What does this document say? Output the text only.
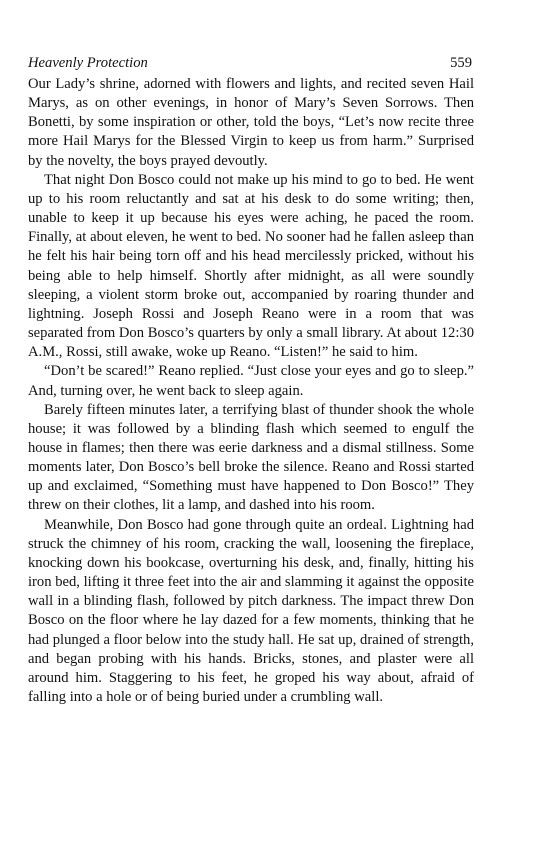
Heavenly Protection	559

Our Lady’s shrine, adorned with flowers and lights, and recited seven Hail Marys, as on other evenings, in honor of Mary’s Seven Sorrows. Then Bonetti, by some inspiration or other, told the boys, “Let’s now recite three more Hail Marys for the Blessed Virgin to keep us from harm.” Surprised by the novelty, the boys prayed devoutly.

That night Don Bosco could not make up his mind to go to bed. He went up to his room reluctantly and sat at his desk to do some writing; then, unable to keep it up because his eyes were aching, he paced the room. Finally, at about eleven, he went to bed. No sooner had he fallen asleep than he felt his hair being torn off and his head mercilessly pricked, without his being able to help himself. Shortly after midnight, as all were soundly sleeping, a violent storm broke out, accompanied by roaring thunder and lightning. Joseph Rossi and Joseph Reano were in a room that was separated from Don Bosco’s quarters by only a small library. At about 12:30 A.M., Rossi, still awake, woke up Reano. “Listen!” he said to him.

“Don’t be scared!” Reano replied. “Just close your eyes and go to sleep.” And, turning over, he went back to sleep again.

Barely fifteen minutes later, a terrifying blast of thunder shook the whole house; it was followed by a blinding flash which seemed to engulf the house in flames; then there was eerie darkness and a dismal stillness. Some moments later, Don Bosco’s bell broke the silence. Reano and Rossi started up and exclaimed, “Something must have happened to Don Bosco!” They threw on their clothes, lit a lamp, and dashed into his room.

Meanwhile, Don Bosco had gone through quite an ordeal. Lightning had struck the chimney of his room, cracking the wall, loosening the fireplace, knocking down his bookcase, overturning his desk, and, finally, hitting his iron bed, lifting it three feet into the air and slamming it against the opposite wall in a blinding flash, followed by pitch darkness. The impact threw Don Bosco on the floor where he lay dazed for a few moments, thinking that he had plunged a floor below into the study hall. He sat up, drained of strength, and began probing with his hands. Bricks, stones, and plaster were all around him. Staggering to his feet, he groped his way about, afraid of falling into a hole or of being buried under a crumbling wall.
